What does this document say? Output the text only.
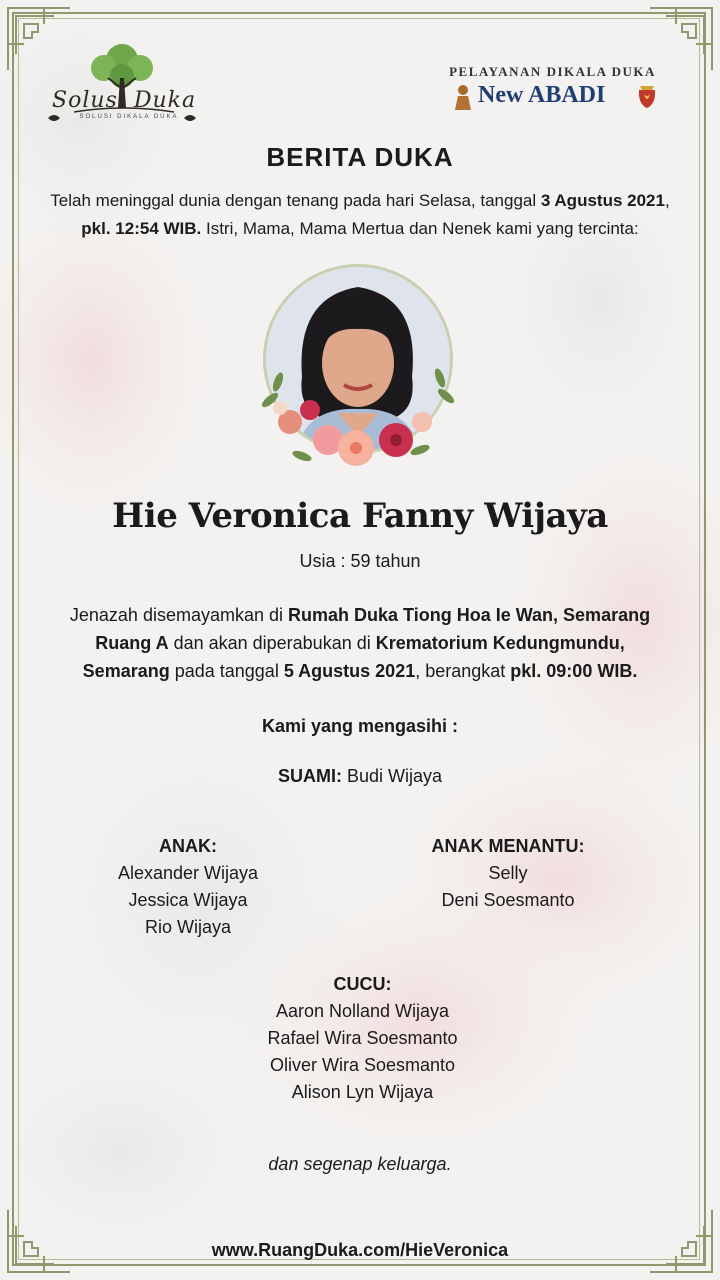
Solusi Duka
SOLUSI DIKALA DUKA
PELAYANAN DIKALA DUKA
New ABADI
BERITA DUKA
Telah meninggal dunia dengan tenang pada hari Selasa, tanggal 3 Agustus 2021,
pkl. 12:54 WIB. Istri, Mama, Mama Mertua dan Nenek kami yang tercinta:
Hie Veronica Fanny Wijaya
Usia : 59 tahun
Jenazah disemayamkan di Rumah Duka Tiong Hoa Ie Wan, Semarang
Ruang A dan akan diperabukan di Krematorium Kedungmundu,
Semarang pada tanggal 5 Agustus 2021, berangkat pkl. 09:00 WIB.
Kami yang mengasihi :
SUAMI: Budi Wijaya
ANAK:
Alexander Wijaya
Jessica Wijaya
Rio Wijaya
ANAK MENANTU:
Selly
Deni Soesmanto
CUCU:
Aaron Nolland Wijaya
Rafael Wira Soesmanto
Oliver Wira Soesmanto
Alison Lyn Wijaya
dan segenap keluarga.
www.RuangDuka.com/HieVeronica
